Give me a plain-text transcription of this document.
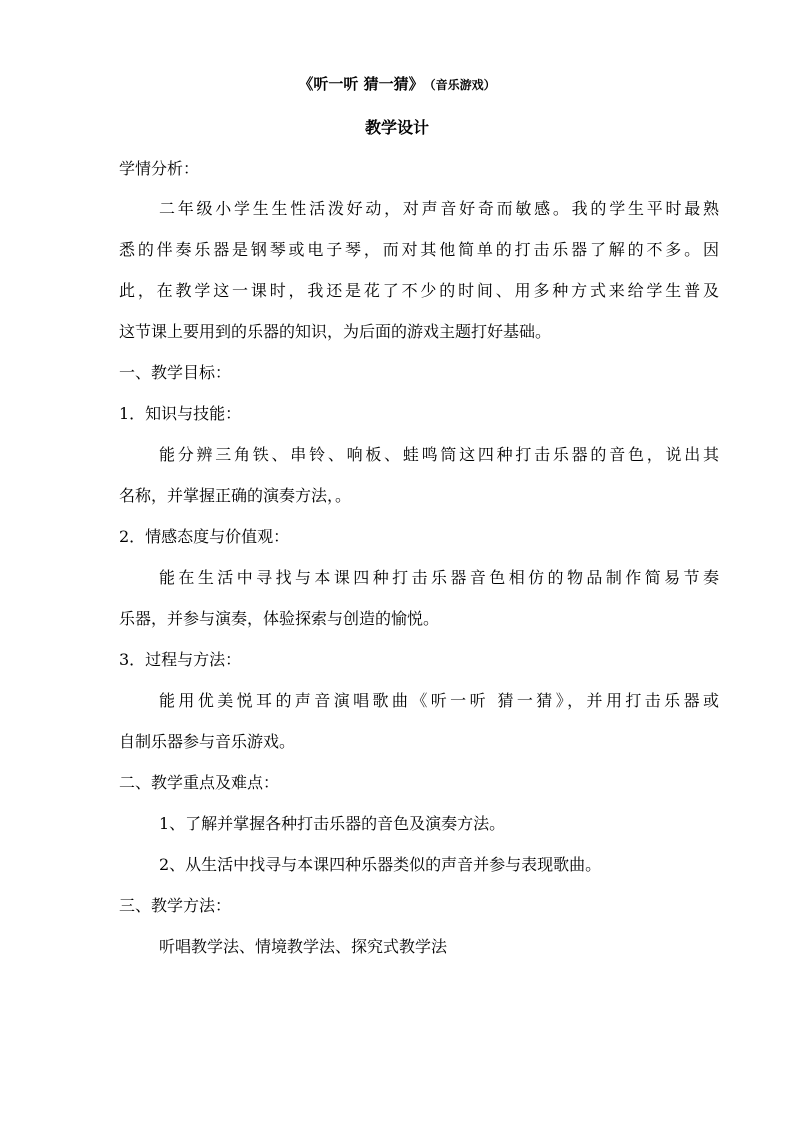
《听一听 猜一猜》 （音乐游戏）
教学设计
学情分析：
二年级小学生生性活泼好动，对声音好奇而敏感。我的学生平时最熟
悉的伴奏乐器是钢琴或电子琴，而对其他简单的打击乐器了解的不多。因
此，在教学这一课时，我还是花了不少的时间、用多种方式来给学生普及
这节课上要用到的乐器的知识，为后面的游戏主题打好基础。
一、教学目标：
1．知识与技能：
能分辨三角铁、串铃、响板、蛙鸣筒这四种打击乐器的音色，说出其
名称，并掌握正确的演奏方法，。
2．情感态度与价值观：
能在生活中寻找与本课四种打击乐器音色相仿的物品制作简易节奏
乐器，并参与演奏，体验探索与创造的愉悦。
3．过程与方法：
能用优美悦耳的声音演唱歌曲《听一听 猜一猜》，并用打击乐器或
自制乐器参与音乐游戏。
二、教学重点及难点：
1、了解并掌握各种打击乐器的音色及演奏方法。
2、从生活中找寻与本课四种乐器类似的声音并参与表现歌曲。
三、教学方法：
听唱教学法、情境教学法、探究式教学法
